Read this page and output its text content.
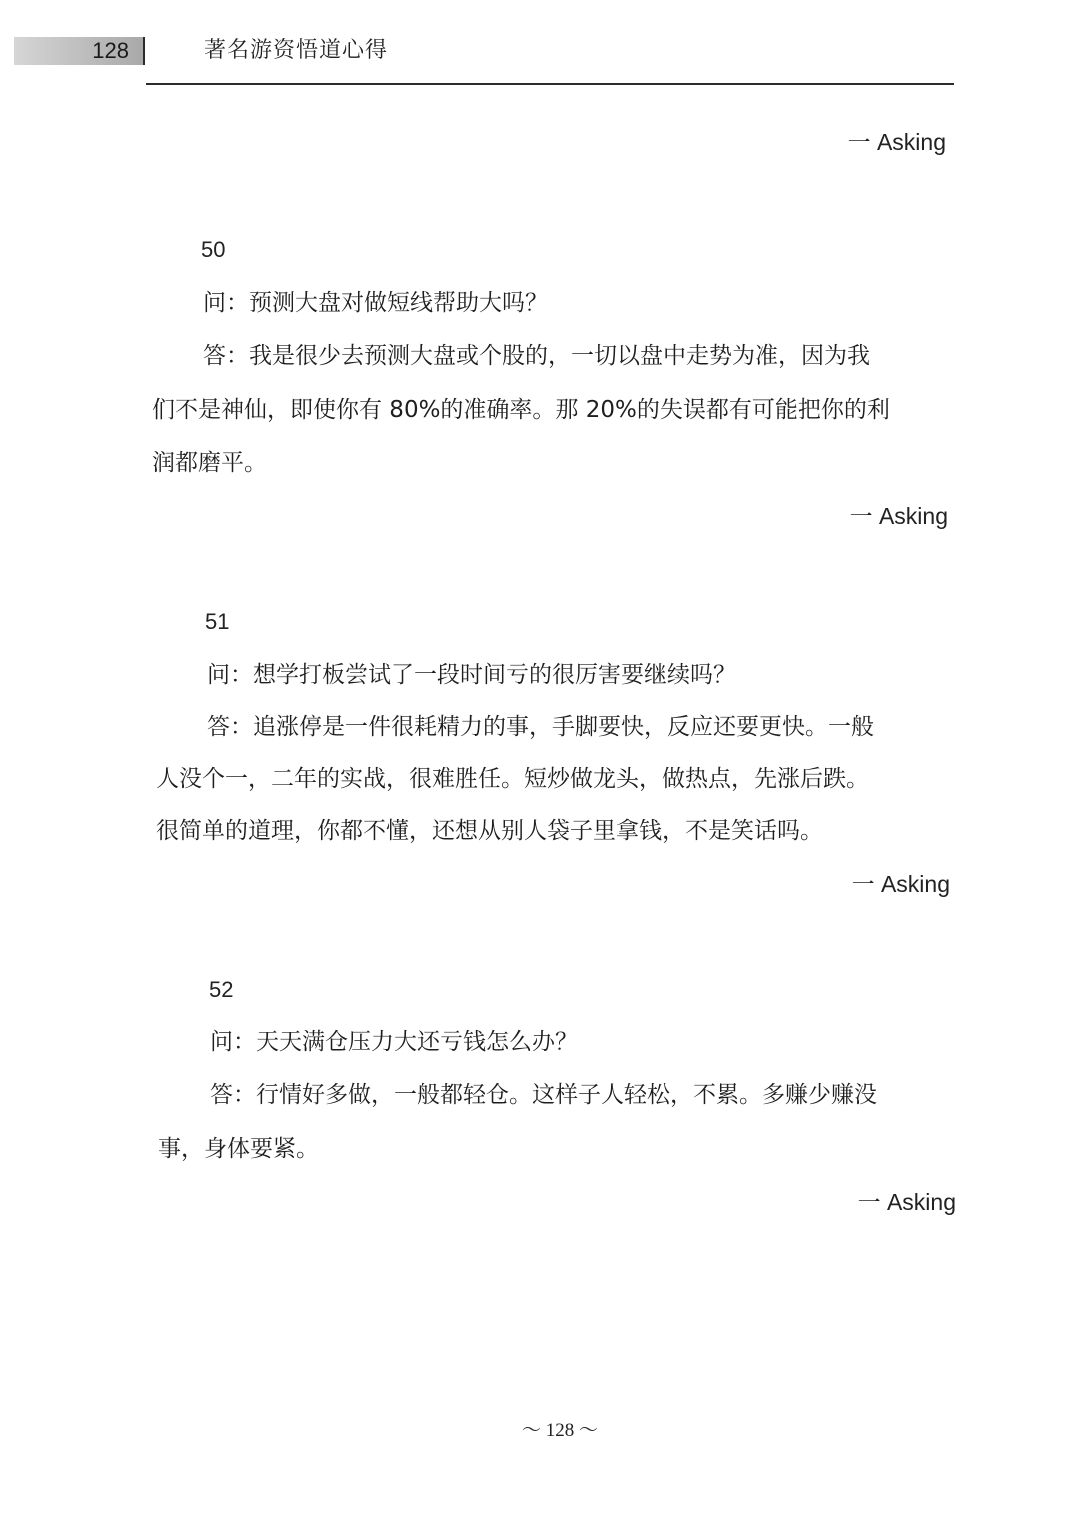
128	著名游资悟道心得
一 Asking
50
问：预测大盘对做短线帮助大吗？
答：我是很少去预测大盘或个股的，一切以盘中走势为准，因为我
们不是神仙，即使你有 80%的准确率。那 20%的失误都有可能把你的利
润都磨平。
一 Asking
51
问：想学打板尝试了一段时间亏的很厉害要继续吗？
答：追涨停是一件很耗精力的事，手脚要快，反应还要更快。一般
人没个一，二年的实战，很难胜任。短炒做龙头，做热点，先涨后跌。
很简单的道理，你都不懂，还想从别人袋子里拿钱，不是笑话吗。
一 Asking
52
问：天天满仓压力大还亏钱怎么办？
答：行情好多做，一般都轻仓。这样子人轻松，不累。多赚少赚没
事，身体要紧。
一 Asking
～ 128 ～
